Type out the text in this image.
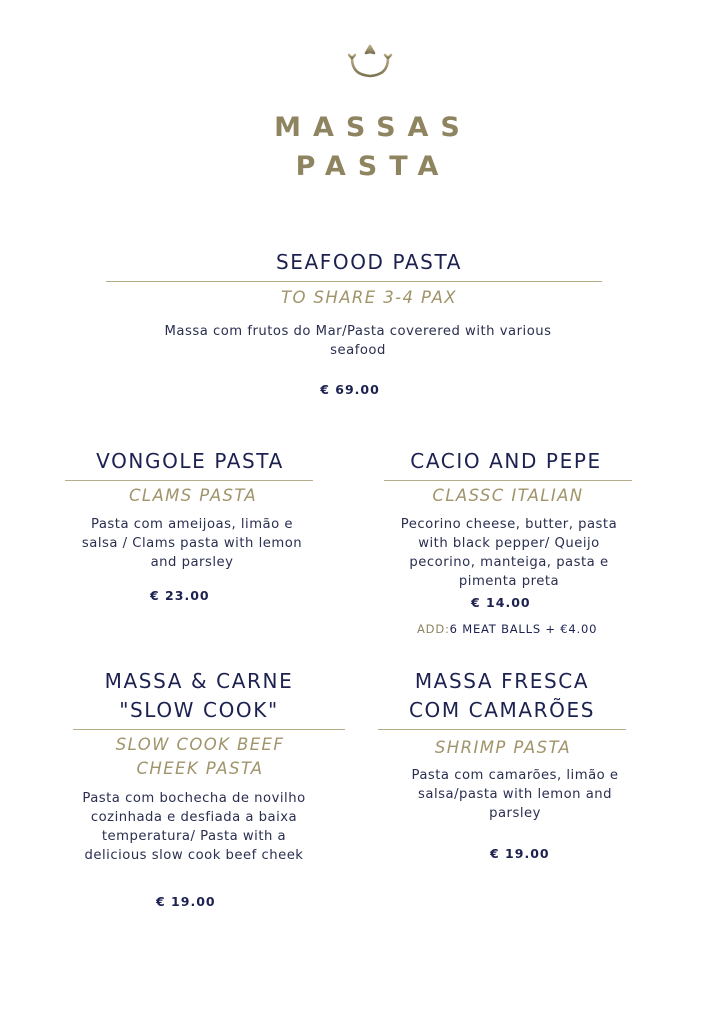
MASSAS
PASTA
SEAFOOD PASTA
TO SHARE 3-4 PAX
Massa com frutos do Mar/Pasta coverered with various seafood
€ 69.00
VONGOLE PASTA
CLAMS PASTA
Pasta com ameijoas, limão e salsa / Clams pasta with lemon and parsley
€ 23.00
CACIO AND PEPE
CLASSC ITALIAN
Pecorino cheese, butter, pasta with black pepper/ Queijo pecorino, manteiga, pasta e pimenta preta
€ 14.00
ADD:6 MEAT BALLS + €4.00
MASSA & CARNE
"SLOW COOK"
SLOW COOK BEEF
CHEEK PASTA
Pasta com bochecha de novilho cozinhada e desfiada a baixa temperatura/ Pasta with a delicious slow cook beef cheek
€ 19.00
MASSA FRESCA
COM CAMARÕES
SHRIMP PASTA
Pasta com camarões, limão e salsa/pasta with lemon and parsley
€ 19.00
